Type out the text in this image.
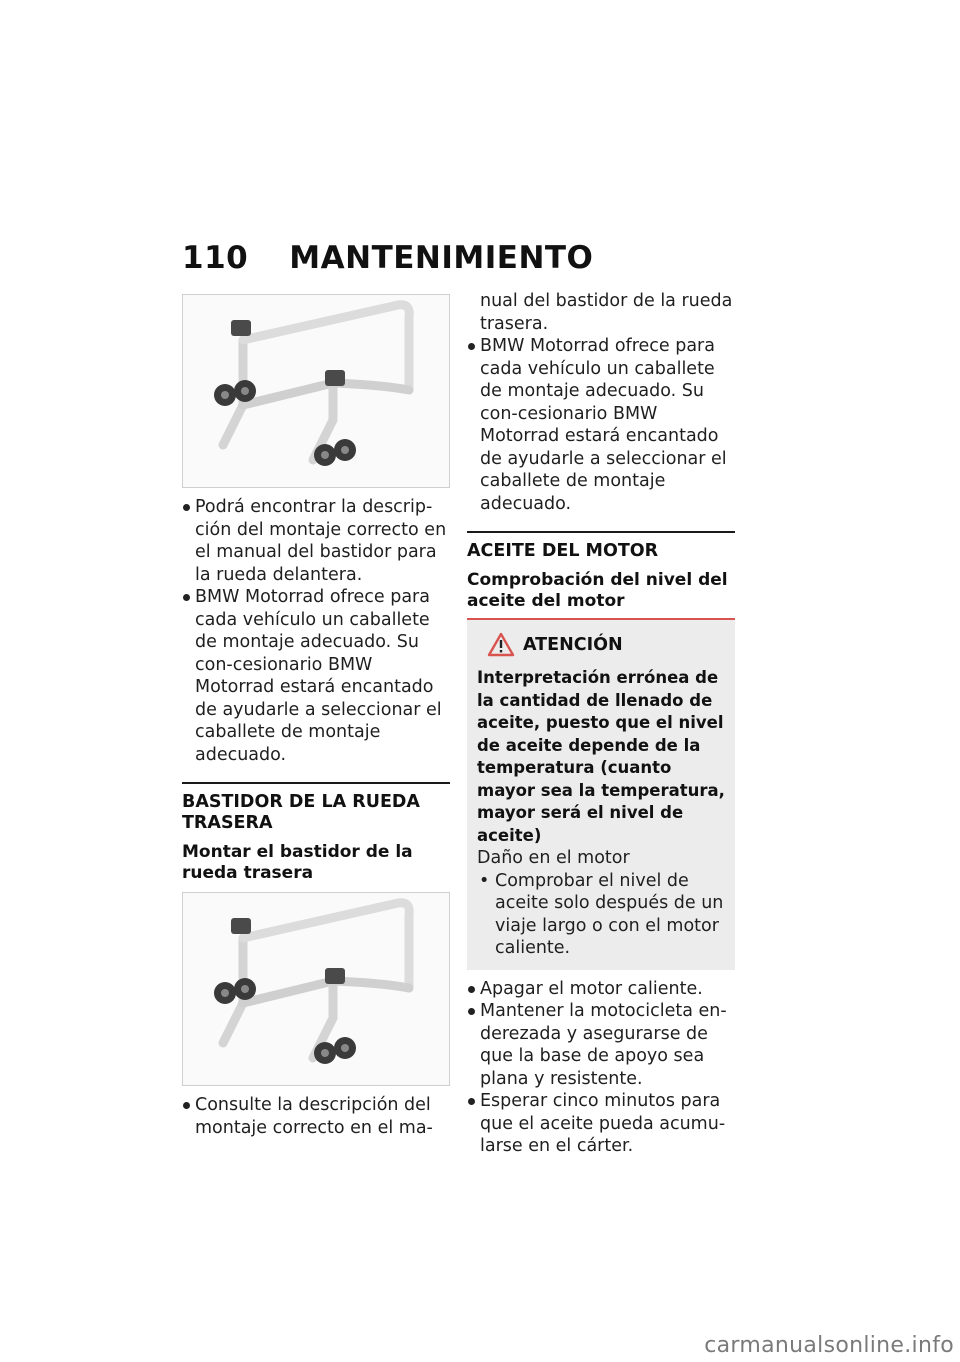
110 MANTENIMIENTO
Podrá encontrar la descrip-ción del montaje correcto en el manual del bastidor para la rueda delantera.
BMW Motorrad ofrece para cada vehículo un caballete de montaje adecuado. Su con-cesionario BMW Motorrad estará encantado de ayudarle a seleccionar el caballete de montaje adecuado.
BASTIDOR DE LA RUEDA TRASERA
Montar el bastidor de la rueda trasera
Consulte la descripción del montaje correcto en el ma-
nual del bastidor de la rueda trasera.
BMW Motorrad ofrece para cada vehículo un caballete de montaje adecuado. Su con-cesionario BMW Motorrad estará encantado de ayudarle a seleccionar el caballete de montaje adecuado.
ACEITE DEL MOTOR
Comprobación del nivel del aceite del motor
ATENCIÓN
Interpretación errónea de la cantidad de llenado de aceite, puesto que el nivel de aceite depende de la temperatura (cuanto mayor sea la temperatura, mayor será el nivel de aceite)
Daño en el motor
• Comprobar el nivel de aceite solo después de un viaje largo o con el motor caliente.
Apagar el motor caliente.
Mantener la motocicleta en-derezada y asegurarse de que la base de apoyo sea plana y resistente.
Esperar cinco minutos para que el aceite pueda acumu-larse en el cárter.
carmanualsonline.info
